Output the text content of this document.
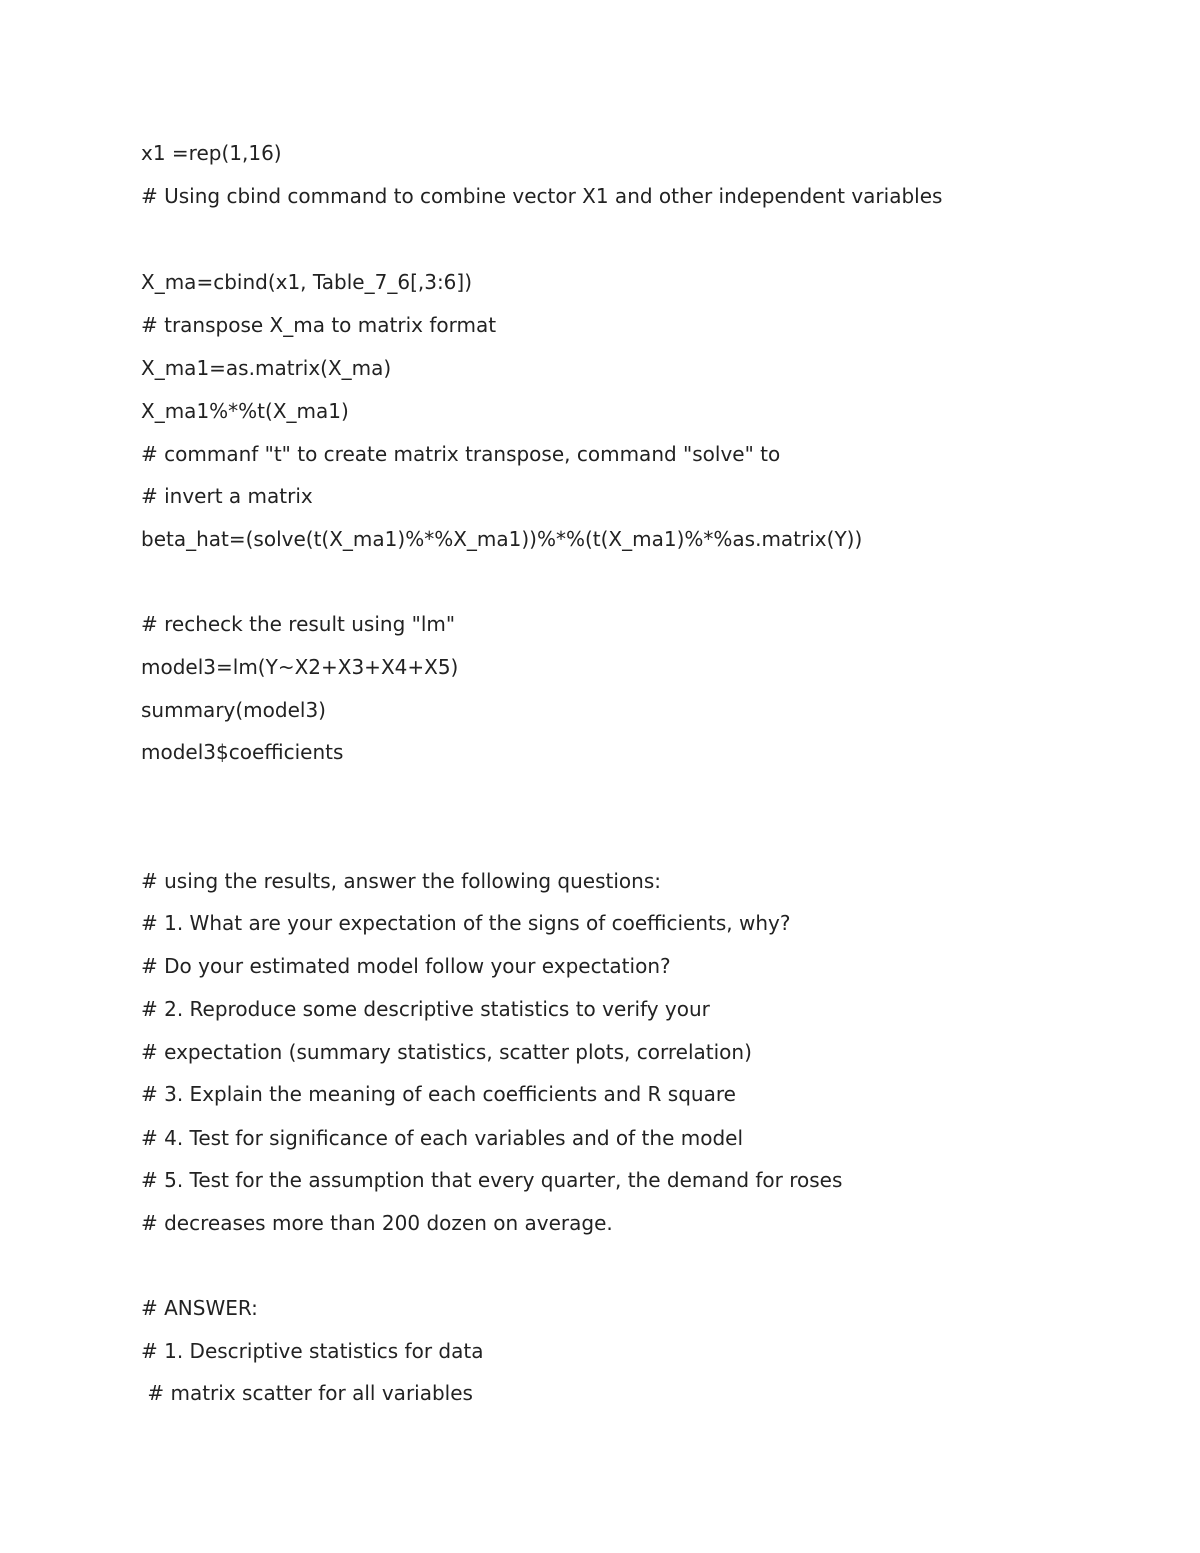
x1 =rep(1,16)

# Using cbind command to combine vector X1 and other independent variables

X_ma=cbind(x1, Table_7_6[,3:6])

# transpose X_ma to matrix format

X_ma1=as.matrix(X_ma)

X_ma1%*%t(X_ma1)

# commanf "t" to create matrix transpose, command "solve" to

# invert a matrix

beta_hat=(solve(t(X_ma1)%*%X_ma1))%*%(t(X_ma1)%*%as.matrix(Y))

# recheck the result using "lm"

model3=lm(Y~X2+X3+X4+X5)

summary(model3)

model3$coefficients

# using the results, answer the following questions:

# 1. What are your expectation of the signs of coefficients, why?

# Do your estimated model follow your expectation?

# 2. Reproduce some descriptive statistics to verify your

# expectation (summary statistics, scatter plots, correlation)

# 3. Explain the meaning of each coefficients and R square

# 4. Test for significance of each variables and of the model

# 5. Test for the assumption that every quarter, the demand for roses

# decreases more than 200 dozen on average.

# ANSWER:

# 1. Descriptive statistics for data

# matrix scatter for all variables
